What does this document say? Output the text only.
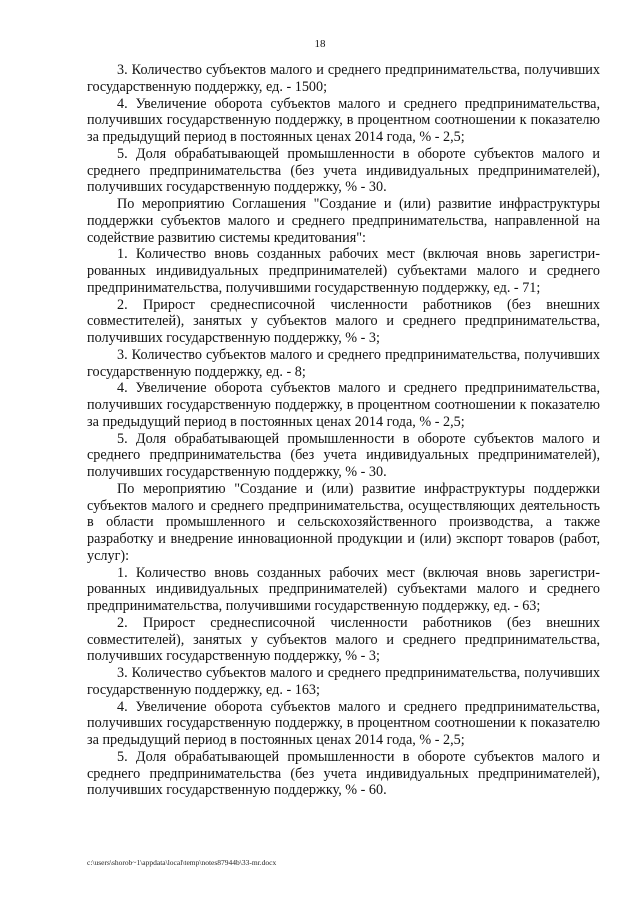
18

3. Количество субъектов малого и среднего предпринимательства, получивших государственную поддержку, ед. - 1500;

4. Увеличение оборота субъектов малого и среднего предпринимательства, получивших государственную поддержку, в процентном соотношении к показателю за предыдущий период в постоянных ценах 2014 года, % - 2,5;

5. Доля обрабатывающей промышленности в обороте субъектов малого и среднего предпринимательства (без учета индивидуальных предпринимателей), получивших государственную поддержку, % - 30.

По мероприятию Соглашения "Создание и (или) развитие инфраструктуры поддержки субъектов малого и среднего предпринимательства, направленной на содействие развитию системы кредитования":

1. Количество вновь созданных рабочих мест (включая вновь зарегистрированных индивидуальных предпринимателей) субъектами малого и среднего предпринимательства, получившими государственную поддержку, ед. - 71;

2. Прирост среднесписочной численности работников (без внешних совместителей), занятых у субъектов малого и среднего предпринимательства, получивших государственную поддержку, % - 3;

3. Количество субъектов малого и среднего предпринимательства, получивших государственную поддержку, ед. - 8;

4. Увеличение оборота субъектов малого и среднего предпринимательства, получивших государственную поддержку, в процентном соотношении к показателю за предыдущий период в постоянных ценах 2014 года, % - 2,5;

5. Доля обрабатывающей промышленности в обороте субъектов малого и среднего предпринимательства (без учета индивидуальных предпринимателей), получивших государственную поддержку, % - 30.

По мероприятию "Создание и (или) развитие инфраструктуры поддержки субъектов малого и среднего предпринимательства, осуществляющих деятельность в области промышленного и сельскохозяйственного производства, а также разработку и внедрение инновационной продукции и (или) экспорт товаров (работ, услуг):

1. Количество вновь созданных рабочих мест (включая вновь зарегистрированных индивидуальных предпринимателей) субъектами малого и среднего предпринимательства, получившими государственную поддержку, ед. - 63;

2. Прирост среднесписочной численности работников (без внешних совместителей), занятых у субъектов малого и среднего предпринимательства, получивших государственную поддержку, % - 3;

3. Количество субъектов малого и среднего предпринимательства, получивших государственную поддержку, ед. - 163;

4. Увеличение оборота субъектов малого и среднего предпринимательства, получивших государственную поддержку, в процентном соотношении к показателю за предыдущий период в постоянных ценах 2014 года, % - 2,5;

5. Доля обрабатывающей промышленности в обороте субъектов малого и среднего предпринимательства (без учета индивидуальных предпринимателей), получивших государственную поддержку, % - 60.

c:\users\shorob~1\appdata\local\temp\notes87944b\33-mr.docx
